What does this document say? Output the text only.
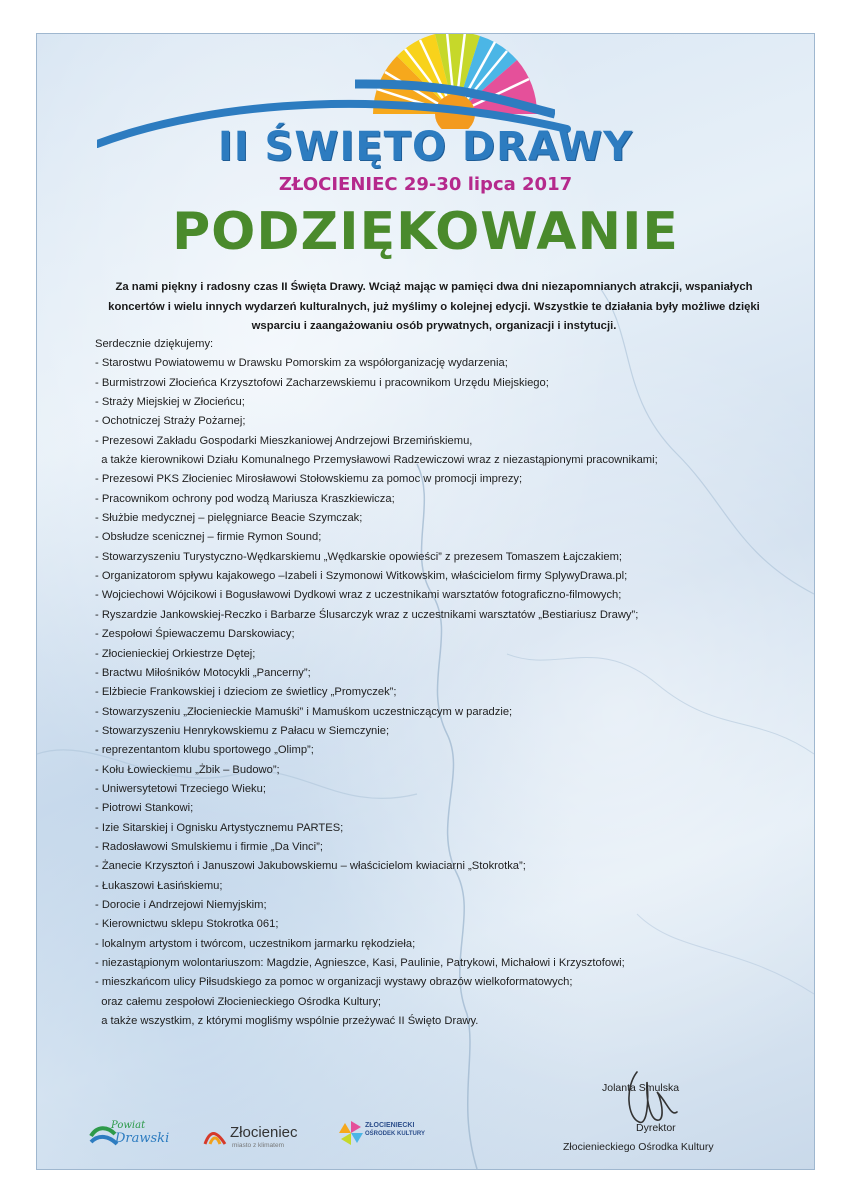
II ŚWIĘTO DRAWY
ZŁOCIENIEC 29-30 lipca 2017
PODZIĘKOWANIE
Za nami piękny i radosny czas II Święta Drawy. Wciąż mając w pamięci dwa dni niezapomnianych atrakcji, wspaniałych koncertów i wielu innych wydarzeń kulturalnych, już myślimy o kolejnej edycji. Wszystkie te działania były możliwe dzięki wsparciu i zaangażowaniu osób prywatnych, organizacji i instytucji.
Serdecznie dziękujemy:
- Starostwu Powiatowemu w Drawsku Pomorskim za współorganizację wydarzenia;
- Burmistrzowi Złocieńca Krzysztofowi Zacharzewskiemu i pracownikom Urzędu Miejskiego;
- Straży Miejskiej w Złocieńcu;
- Ochotniczej Straży Pożarnej;
- Prezesowi Zakładu Gospodarki Mieszkaniowej Andrzejowi Brzemińskiemu,
a także kierownikowi Działu Komunalnego Przemysławowi Radzewiczowi wraz z niezastąpionymi pracownikami;
- Prezesowi PKS Złocieniec Mirosławowi Stołowskiemu za pomoc w promocji imprezy;
- Pracownikom ochrony pod wodzą Mariusza Kraszkiewicza;
- Służbie medycznej – pielęgniarce Beacie Szymczak;
- Obsłudze scenicznej – firmie Rymon Sound;
- Stowarzyszeniu Turystyczno-Wędkarskiemu „Wędkarskie opowieści” z prezesem Tomaszem Łajczakiem;
- Organizatorom spływu kajakowego –Izabeli i Szymonowi Witkowskim, właścicielom firmy SplywyDrawa.pl;
- Wojciechowi Wójcikowi i Bogusławowi Dydkowi wraz z uczestnikami warsztatów fotograficzno-filmowych;
- Ryszardzie Jankowskiej-Reczko i Barbarze Ślusarczyk wraz z uczestnikami warsztatów „Bestiariusz Drawy”;
- Zespołowi Śpiewaczemu Darskowiacy;
- Złocienieckiej Orkiestrze Dętej;
- Bractwu Miłośników Motocykli „Pancerny”;
- Elżbiecie Frankowskiej i dzieciom ze świetlicy „Promyczek”;
- Stowarzyszeniu „Złocienieckie Mamuśki” i Mamuśkom uczestniczącym w paradzie;
- Stowarzyszeniu Henrykowskiemu z Pałacu w Siemczynie;
- reprezentantom klubu sportowego „Olimp”;
- Kołu Łowieckiemu „Żbik – Budowo”;
- Uniwersytetowi Trzeciego Wieku;
- Piotrowi Stankowi;
- Izie Sitarskiej i Ognisku Artystycznemu PARTES;
- Radosławowi Smulskiemu i firmie „Da Vinci”;
- Żanecie Krzysztoń i Januszowi Jakubowskiemu – właścicielom kwiaciarni „Stokrotka”;
- Łukaszowi Łasińskiemu;
- Dorocie i Andrzejowi Niemyjskim;
- Kierownictwu sklepu Stokrotka 061;
- lokalnym artystom i twórcom, uczestnikom jarmarku rękodzieła;
- niezastąpionym wolontariuszom: Magdzie, Agnieszce, Kasi, Paulinie, Patrykowi, Michałowi i Krzysztofowi;
- mieszkańcom ulicy Piłsudskiego za pomoc w organizacji wystawy obrazów wielkoformatowych;
oraz całemu zespołowi Złocienieckiego Ośrodka Kultury;
a także wszystkim, z którymi mogliśmy wspólnie przeżywać II Święto Drawy.
Jolanta Smulska
Dyrektor
Złocienieckiego Ośrodka Kultury
Powiat
Drawski	Złocieniec
miasto z klimatem
ZŁOCIENIECKI
OŚRODEK KULTURY
